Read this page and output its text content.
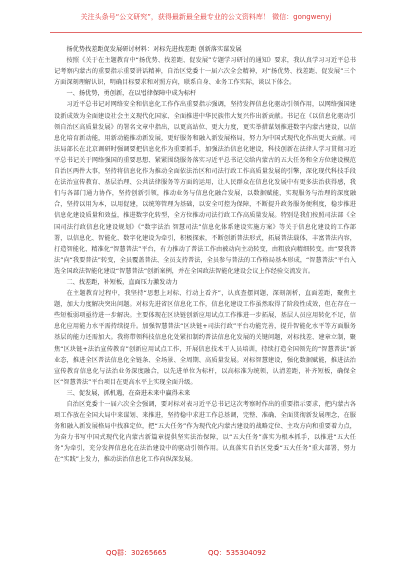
关注头条号“公文研究”，获得最新最全最专业的公文资料库！ 微信：gongwenyj

扬优势找差距促发展研讨材料：对标先进找差距 创新落实谋发展

按照《关于在主题教育中“扬优势、找差距、促发展”专题学习研讨的通知》要求，我认真学习习近平总书记考察内蒙古的重要指示重要讲话精神，自治区党委十一届六次全会精神，对“扬优势、找差距、促发展”三个方面深刻理解认识，明确目标要求和对照方向，联系自身、业务工作实际，谈以下体会。

一、扬优势，勇创新，在以법律保障中成为标杆

习近平总书记对网络安全和信息化工作作出重要指示强调，坚持发挥信息化驱动引领作用，以网络强国建设新成效为全面建设社会主义现代化国家、全面推进中华民族伟大复兴作出新贡献。书记在《以信息化驱动引领自治区高质量发展》的署名文章中指出，以更高站位、更大力度，更实举措谋划推进数字内蒙古建设，以信息化培育新动能，用新动能推动新发展，更好服务和融入新发展格局，努力为中国式现代化作出更大贡献。司法局部长在北京调研时强调要把信息化作为重要抓手，加强法治信息化建设，科技创新在法律人学习贯彻习近平总书记关于网络强国的重要思想、紧紧围绕服务落实习近平总书记交给内蒙古的五大任务和全方位建设模范自治区两件大事，坚持将信息化作为推动全面依法治区和司法行政工作高质量发展的引擎，深化现代科技手段在法治宣传教育、基层治理、公共法律服务等方面的运用，让人民群众在信息化发展中有更多法治获得感，我们与各部门通力协作，坚持创新引领，推动业务与信息化融合发展，以数据赋能，实现服务与治理的深度融合，坚持以用为本，以用促建，以统筹管理为基础，以安全可控为保障，不断提升政务服务便利度，稳步推进信息化建设质量和效益，推进数字化转型，全方位推动司法行政工作高质量发展。特别是我们按照司法部《全国司法行政信息化建设规划》《“数字法治 智慧司法”信息化体系建设实施方案》等关于信息化建设的工作部署，以信息化、智能化、数字化建设为牵引，积极探索，不断创新普法形式，拓展普法载体，丰富普法内容，打造智能化、精准化“智慧普法”平台，有力推动了普法工作由被动向主动转变，由粗放向精细转变。由“要我普法”向“我要普法”转变，全员覆盖普法、全员支持普法，全员参与普法的工作格局基本形成，“智慧普法”平台入选全国政法智能化建设“智慧普法”创新案例，并在全国政法智能化建设会议上作经验交流发言。

二、找差距，补短板，直面压力激发动力

在主题教育过程中，我坚持“思想上对标、行动上看齐”，认真查摆问题，深刻剖析，直面差距，聚焦主题，加大力度解决突出问题。对标先进省区信息化工作，信息化建设工作虽然取得了阶段性成效，但在存在一些短板弱项亟待进一步解决。主要体现在区块链创新应用试点工作推进一步拓展，基层人员应用转化不足，信息化应用能力水平需持续提升。加强智慧普法“区块链+司法行政”平台功能完善，提升智能化水平等方面服务基层的能力还需加大。我将带领科技信息化处紧扣制约普法信息化发展的关键问题，对标找差、建章立制，聚焦“区块链+法治宣传教育”创新应用试点工作，开展信息技术干人员培训，持续打造全国领先的“智慧普法”新业态，推进全区普法信息化全链条、全场景、全周期、高质量发展。对标智慧建设，强化数据赋能，推进法治宣传教育信息化与法治业务深度融合，以先进单位为标杆，以高标准为统领，认清差距，补齐短板，确保全区“智慧普法”平台项目在更高水平上实现全面升级。

三、促发展，抓机遇，在奋进未来中赢得未来

自治区党委十一届六次全会强调，要对标对表习近平总书记这次考察时作出的重要指示要求，把内蒙古各项工作放在全国大局中来谋划、来推进，坚持稳中求进工作总基调，完整、准确、全面贯彻新发展理念，在服务和融入新发展格局中找准定位，把“五大任务”作为现代化内蒙古建设的战略定位、主攻方向和重要着力点，为奋力书写中国式现代化内蒙古新篇章提供坚实法治保障，以“五大任务”落实为根本抓手，以推进“五大任务”为牵引，充分发挥信息化在法治建设中的驱动引领作用。认真落实自治区党委“五大任务”重大部署，努力在“实践”上发力，推动法治信息化工作向纵深发展。

QQ群：30265665	QQ：535304092
